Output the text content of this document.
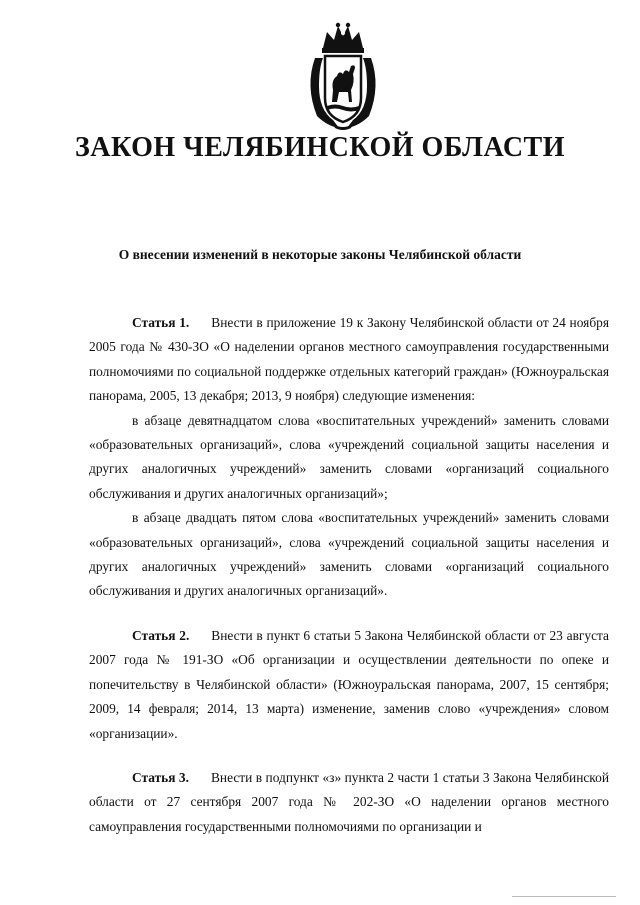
ЗАКОН ЧЕЛЯБИНСКОЙ ОБЛАСТИ
О внесении изменений в некоторые законы Челябинской области

Статья 1. Внести в приложение 19 к Закону Челябинской области от 24 ноября 2005 года № 430-ЗО «О наделении органов местного самоуправления государственными полномочиями по социальной поддержке отдельных категорий граждан» (Южноуральская панорама, 2005, 13 декабря; 2013, 9 ноября) следующие изменения:

в абзаце девятнадцатом слова «воспитательных учреждений» заменить словами «образовательных организаций», слова «учреждений социальной защиты населения и других аналогичных учреждений» заменить словами «организаций социального обслуживания и других аналогичных организаций»;

в абзаце двадцать пятом слова «воспитательных учреждений» заменить словами «образовательных организаций», слова «учреждений социальной защиты населения и других аналогичных учреждений» заменить словами «организаций социального обслуживания и других аналогичных организаций».

Статья 2. Внести в пункт 6 статьи 5 Закона Челябинской области от 23 августа 2007 года № 191-ЗО «Об организации и осуществлении деятельности по опеке и попечительству в Челябинской области» (Южноуральская панорама, 2007, 15 сентября; 2009, 14 февраля; 2014, 13 марта) изменение, заменив слово «учреждения» словом «организации».

Статья 3. Внести в подпункт «з» пункта 2 части 1 статьи 3 Закона Челябинской области от 27 сентября 2007 года № 202-ЗО «О наделении органов местного самоуправления государственными полномочиями по организации и
